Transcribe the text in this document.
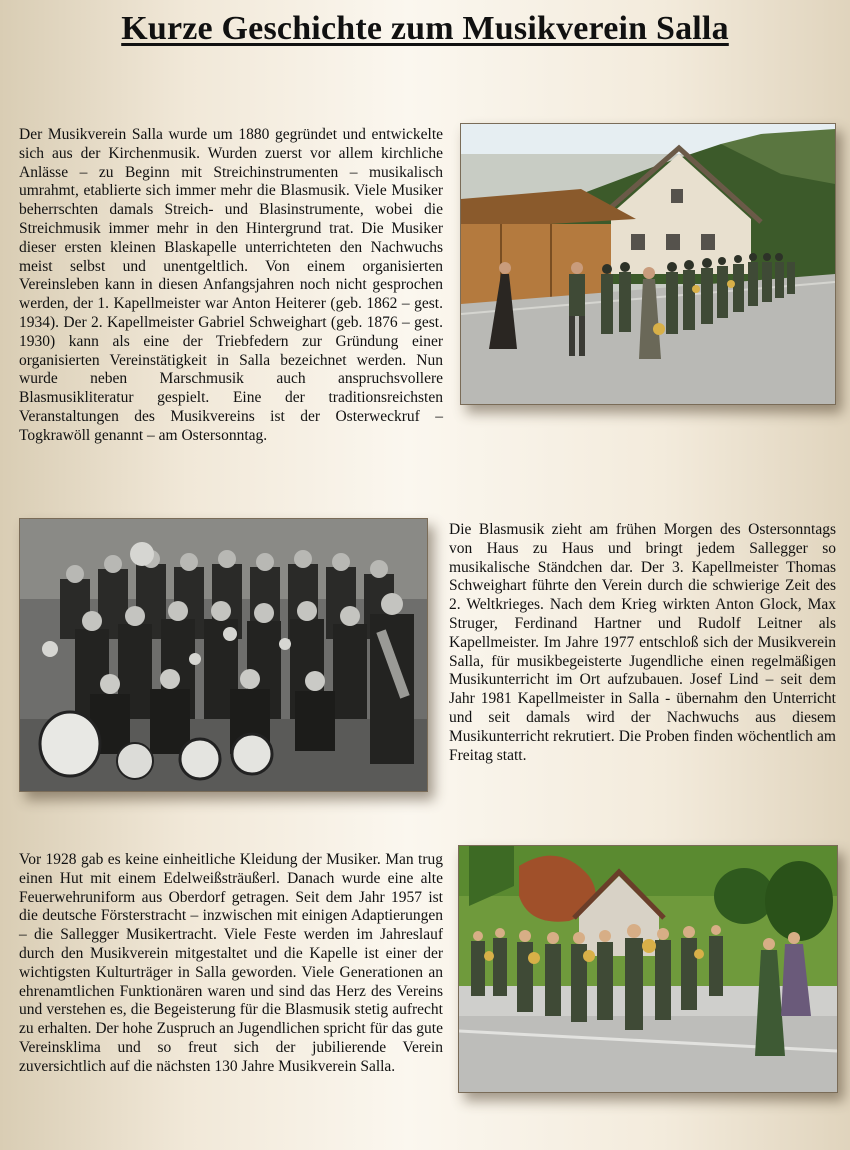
Kurze Geschichte zum Musikverein Salla

Der Musikverein Salla wurde um 1880 gegründet und entwickelte sich aus der Kirchenmusik. Wurden zuerst vor allem kirchliche Anlässe – zu Beginn mit Streichinstrumenten – musikalisch umrahmt, etablierte sich immer mehr die Blasmusik. Viele Musiker beherrschten damals Streich- und Blasinstrumente, wobei die Streichmusik immer mehr in den Hintergrund trat. Die Musiker dieser ersten kleinen Blaskapelle unterrichteten den Nachwuchs meist selbst und unentgeltlich. Von einem organisierten Vereinsleben kann in diesen Anfangsjahren noch nicht gesprochen werden, der 1. Kapellmeister war Anton Heiterer (geb. 1862 – gest. 1934). Der 2. Kapellmeister Gabriel Schweighart (geb. 1876 – gest. 1930) kann als eine der Triebfedern zur Gründung einer organisierten Vereinstätigkeit in Salla bezeichnet werden. Nun wurde neben Marschmusik auch anspruchsvollere Blasmusikliteratur gespielt. Eine der traditionsreichsten Veranstaltungen des Musikvereins ist der Osterweckruf – Togkrawöll genannt – am Ostersonntag.

Die Blasmusik zieht am frühen Morgen des Ostersonntags von Haus zu Haus und bringt jedem Sallegger so musikalische Ständchen dar. Der 3. Kapellmeister Thomas Schweighart führte den Verein durch die schwierige Zeit des 2. Weltkrieges. Nach dem Krieg wirkten Anton Glock, Max Struger, Ferdinand Hartner und Rudolf Leitner als Kapellmeister. Im Jahre 1977 entschloß sich der Musikverein Salla, für musikbegeisterte Jugendliche einen regelmäßigen Musikunterricht im Ort aufzubauen. Josef Lind – seit dem Jahr 1981 Kapellmeister in Salla - übernahm den Unterricht und seit damals wird der Nachwuchs aus diesem Musikunterricht rekrutiert. Die Proben finden wöchentlich am Freitag statt.

Vor 1928 gab es keine einheitliche Kleidung der Musiker. Man trug einen Hut mit einem Edelweißsträußerl. Danach wurde eine alte Feuerwehruniform aus Oberdorf getragen. Seit dem Jahr 1957 ist die deutsche Försterstracht – inzwischen mit einigen Adaptierungen – die Sallegger Musikertracht. Viele Feste werden im Jahreslauf durch den Musikverein mitgestaltet und die Kapelle ist einer der wichtigsten Kulturträger in Salla geworden. Viele Generationen an ehrenamtlichen Funktionären waren und sind das Herz des Vereins und verstehen es, die Begeisterung für die Blasmusik stetig aufrecht zu erhalten. Der hohe Zuspruch an Jugendlichen spricht für das gute Vereinsklima und so freut sich der jubilierende Verein zuversichtlich auf die nächsten 130 Jahre Musikverein Salla.
